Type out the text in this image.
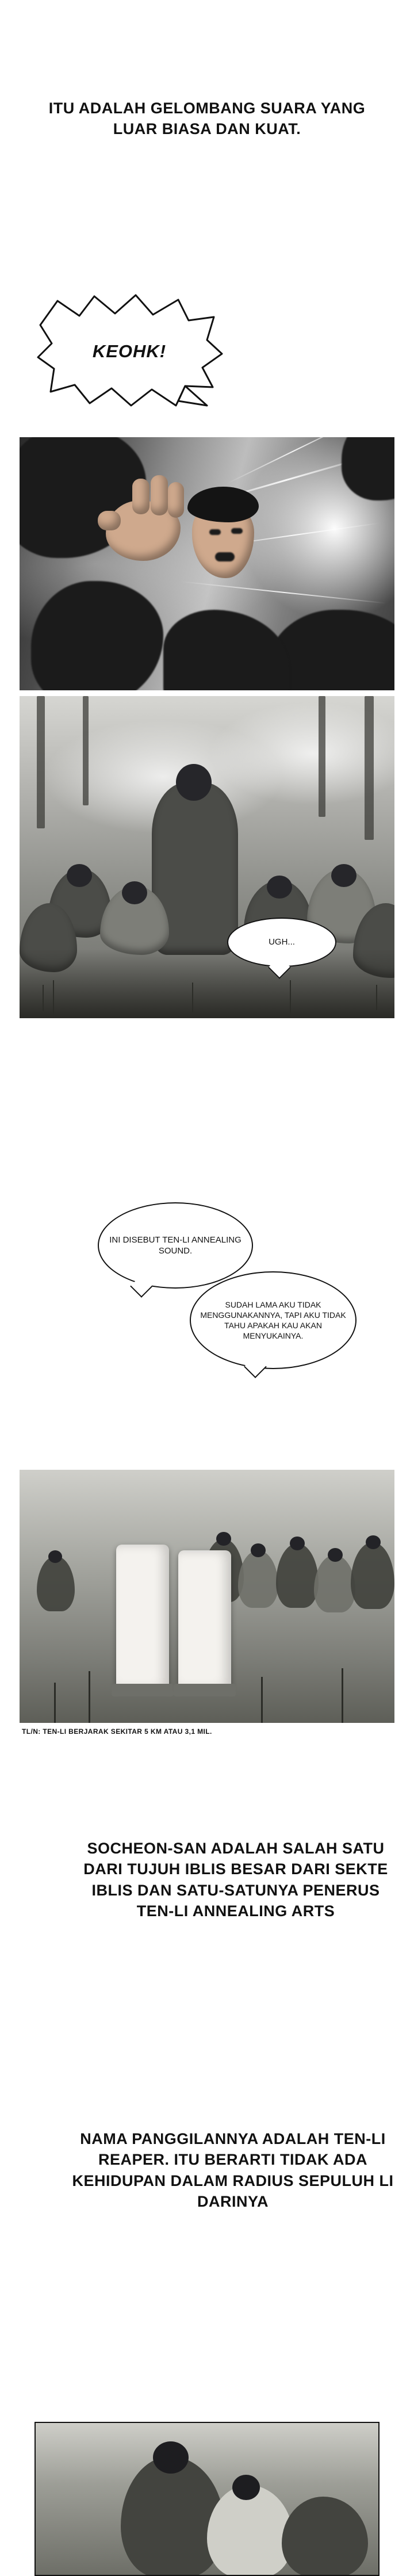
ITU ADALAH GELOMBANG SUARA YANG LUAR BIASA DAN KUAT.
KEOHK!
UGH...
INI DISEBUT TEN-LI ANNEALING SOUND.
SUDAH LAMA AKU TIDAK MENGGUNAKANNYA, TAPI AKU TIDAK TAHU APAKAH KAU AKAN MENYUKAINYA.
TL/N: TEN-LI BERJARAK SEKITAR 5 KM ATAU 3,1 MIL.
SOCHEON-SAN ADALAH SALAH SATU DARI TUJUH IBLIS BESAR DARI SEKTE IBLIS DAN SATU-SATUNYA PENERUS TEN-LI ANNEALING ARTS
NAMA PANGGILANNYA ADALAH TEN-LI REAPER. ITU BERARTI TIDAK ADA KEHIDUPAN DALAM RADIUS SEPULUH LI DARINYA
